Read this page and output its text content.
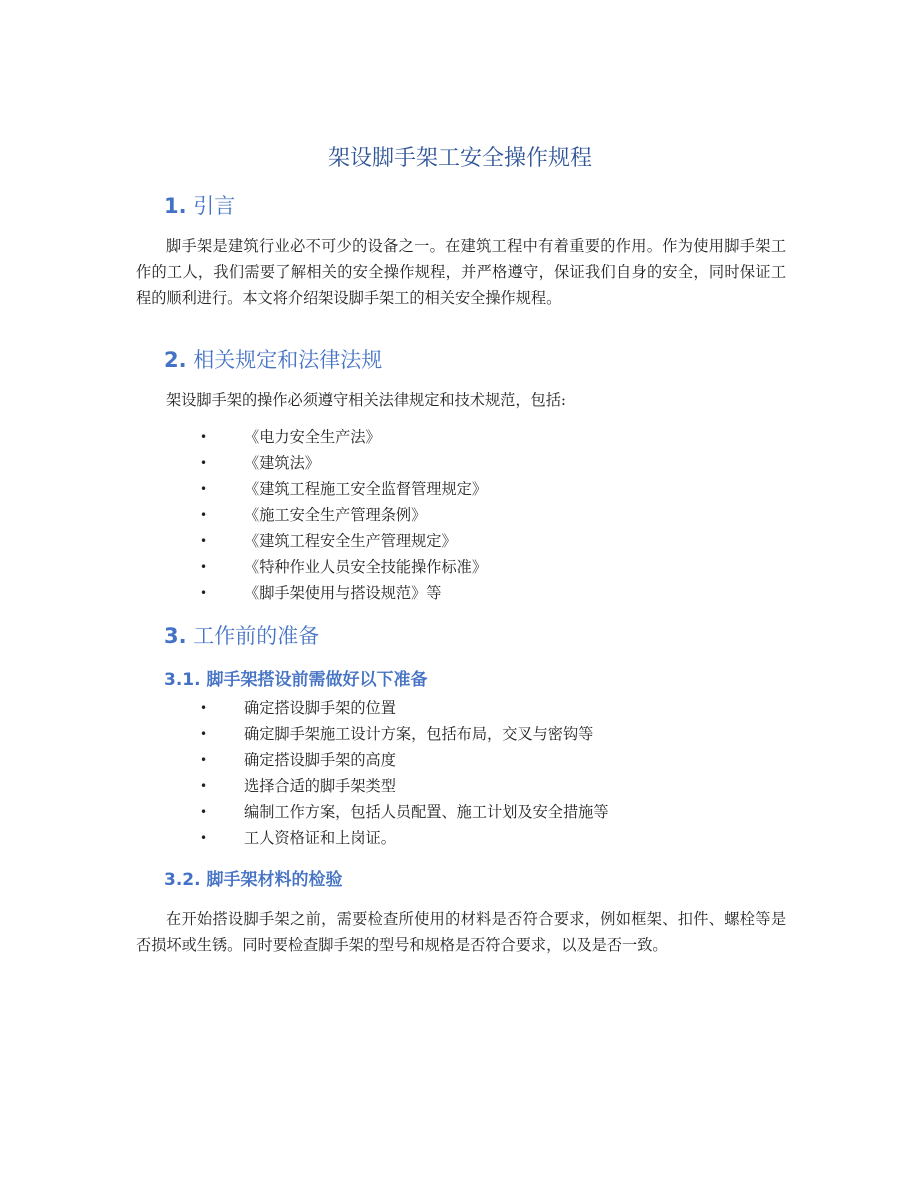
架设脚手架工安全操作规程
1. 引言

脚手架是建筑行业必不可少的设备之一。在建筑工程中有着重要的作用。作为使用脚手架工作的工人，我们需要了解相关的安全操作规程，并严格遵守，保证我们自身的安全，同时保证工程的顺利进行。本文将介绍架设脚手架工的相关安全操作规程。

2. 相关规定和法律法规

架设脚手架的操作必须遵守相关法律规定和技术规范，包括:

• 《电力安全生产法》
• 《建筑法》
• 《建筑工程施工安全监督管理规定》
• 《施工安全生产管理条例》
• 《建筑工程安全生产管理规定》
• 《特种作业人员安全技能操作标准》
• 《脚手架使用与搭设规范》等
3. 工作前的准备
3.1. 脚手架搭设前需做好以下准备
• 确定搭设脚手架的位置
• 确定脚手架施工设计方案，包括布局，交叉与密钩等
• 确定搭设脚手架的高度
• 选择合适的脚手架类型
• 编制工作方案，包括人员配置、施工计划及安全措施等
• 工人资格证和上岗证。
3.2. 脚手架材料的检验

在开始搭设脚手架之前，需要检查所使用的材料是否符合要求，例如框架、扣件、螺栓等是否损坏或生锈。同时要检查脚手架的型号和规格是否符合要求，以及是否一致。
